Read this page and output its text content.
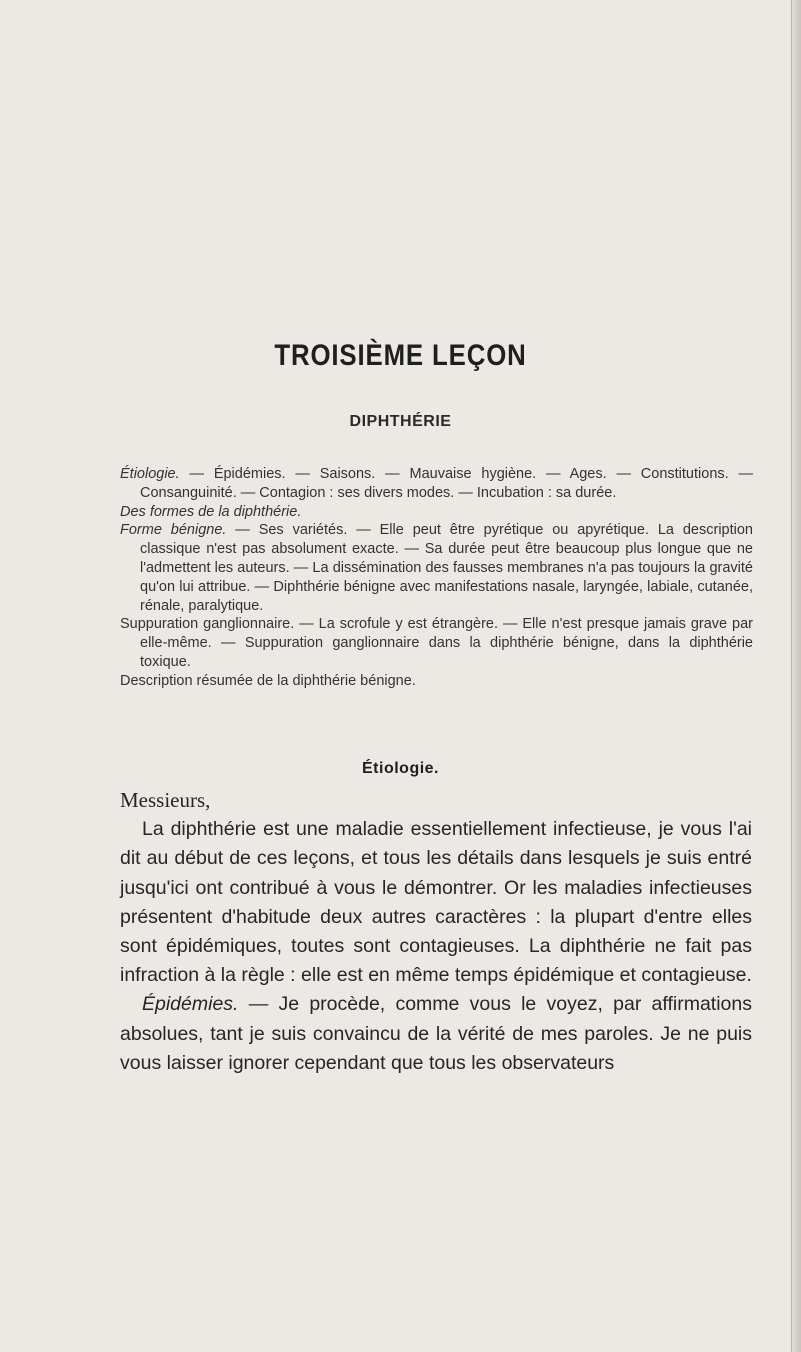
TROISIÈME LEÇON
DIPHTHÉRIE

Étiologie. — Épidémies. — Saisons. — Mauvaise hygiène. — Ages. — Constitutions. — Consanguinité. — Contagion : ses divers modes. — Incubation : sa durée.

Des formes de la diphthérie.

Forme bénigne. — Ses variétés. — Elle peut être pyrétique ou apyrétique. La description classique n'est pas absolument exacte. — Sa durée peut être beaucoup plus longue que ne l'admettent les auteurs. — La dissémination des fausses membranes n'a pas toujours la gravité qu'on lui attribue. — Diphthérie bénigne avec manifestations nasale, laryngée, labiale, cutanée, rénale, paralytique.

Suppuration ganglionnaire. — La scrofule y est étrangère. — Elle n'est presque jamais grave par elle-même. — Suppuration ganglionnaire dans la diphthérie bénigne, dans la diphthérie toxique.

Description résumée de la diphthérie bénigne.

Étiologie.

Messieurs,

La diphthérie est une maladie essentiellement infectieuse, je vous l'ai dit au début de ces leçons, et tous les détails dans lesquels je suis entré jusqu'ici ont contribué à vous le démontrer. Or les maladies infectieuses présentent d'habitude deux autres caractères : la plupart d'entre elles sont épidémiques, toutes sont contagieuses. La diphthérie ne fait pas infraction à la règle : elle est en même temps épidémique et contagieuse.

Épidémies. — Je procède, comme vous le voyez, par affirmations absolues, tant je suis convaincu de la vérité de mes paroles. Je ne puis vous laisser ignorer cependant que tous les observateurs
